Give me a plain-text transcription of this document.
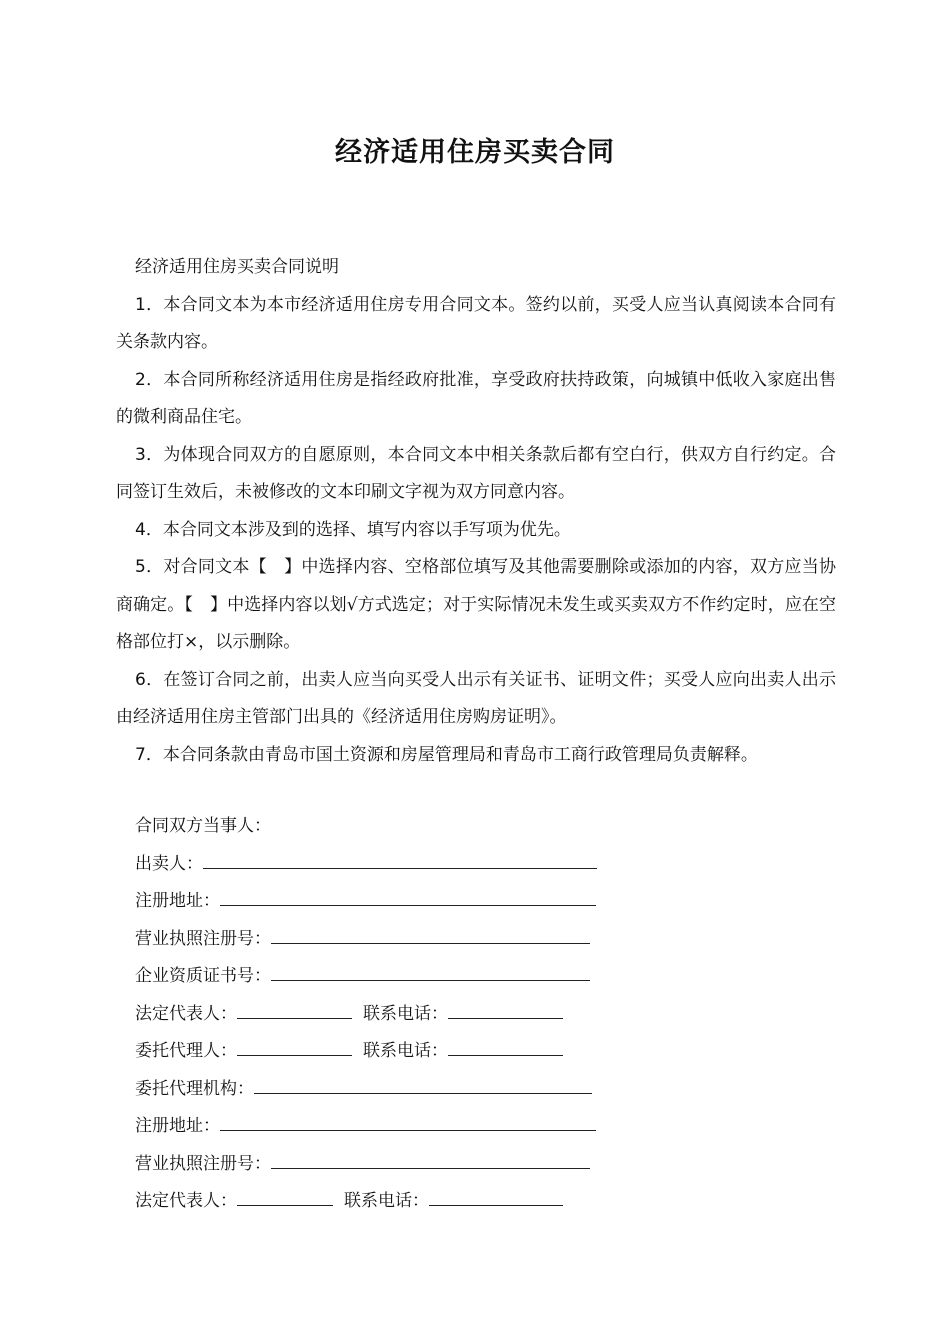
经济适用住房买卖合同

经济适用住房买卖合同说明

1．本合同文本为本市经济适用住房专用合同文本。签约以前，买受人应当认真阅读本合同有关条款内容。

2．本合同所称经济适用住房是指经政府批准，享受政府扶持政策，向城镇中低收入家庭出售的微利商品住宅。

3．为体现合同双方的自愿原则，本合同文本中相关条款后都有空白行，供双方自行约定。合同签订生效后，未被修改的文本印刷文字视为双方同意内容。

4．本合同文本涉及到的选择、填写内容以手写项为优先。

5．对合同文本【　】中选择内容、空格部位填写及其他需要删除或添加的内容，双方应当协商确定。【　】中选择内容以划√方式选定；对于实际情况未发生或买卖双方不作约定时，应在空格部位打×，以示删除。

6．在签订合同之前，出卖人应当向买受人出示有关证书、证明文件；买受人应向出卖人出示由经济适用住房主管部门出具的《经济适用住房购房证明》。

7．本合同条款由青岛市国土资源和房屋管理局和青岛市工商行政管理局负责解释。

合同双方当事人：
出卖人：
注册地址：
营业执照注册号：
企业资质证书号：
法定代表人：	联系电话：
委托代理人：	联系电话：
委托代理机构：
注册地址：
营业执照注册号：
法定代表人：	联系电话：
